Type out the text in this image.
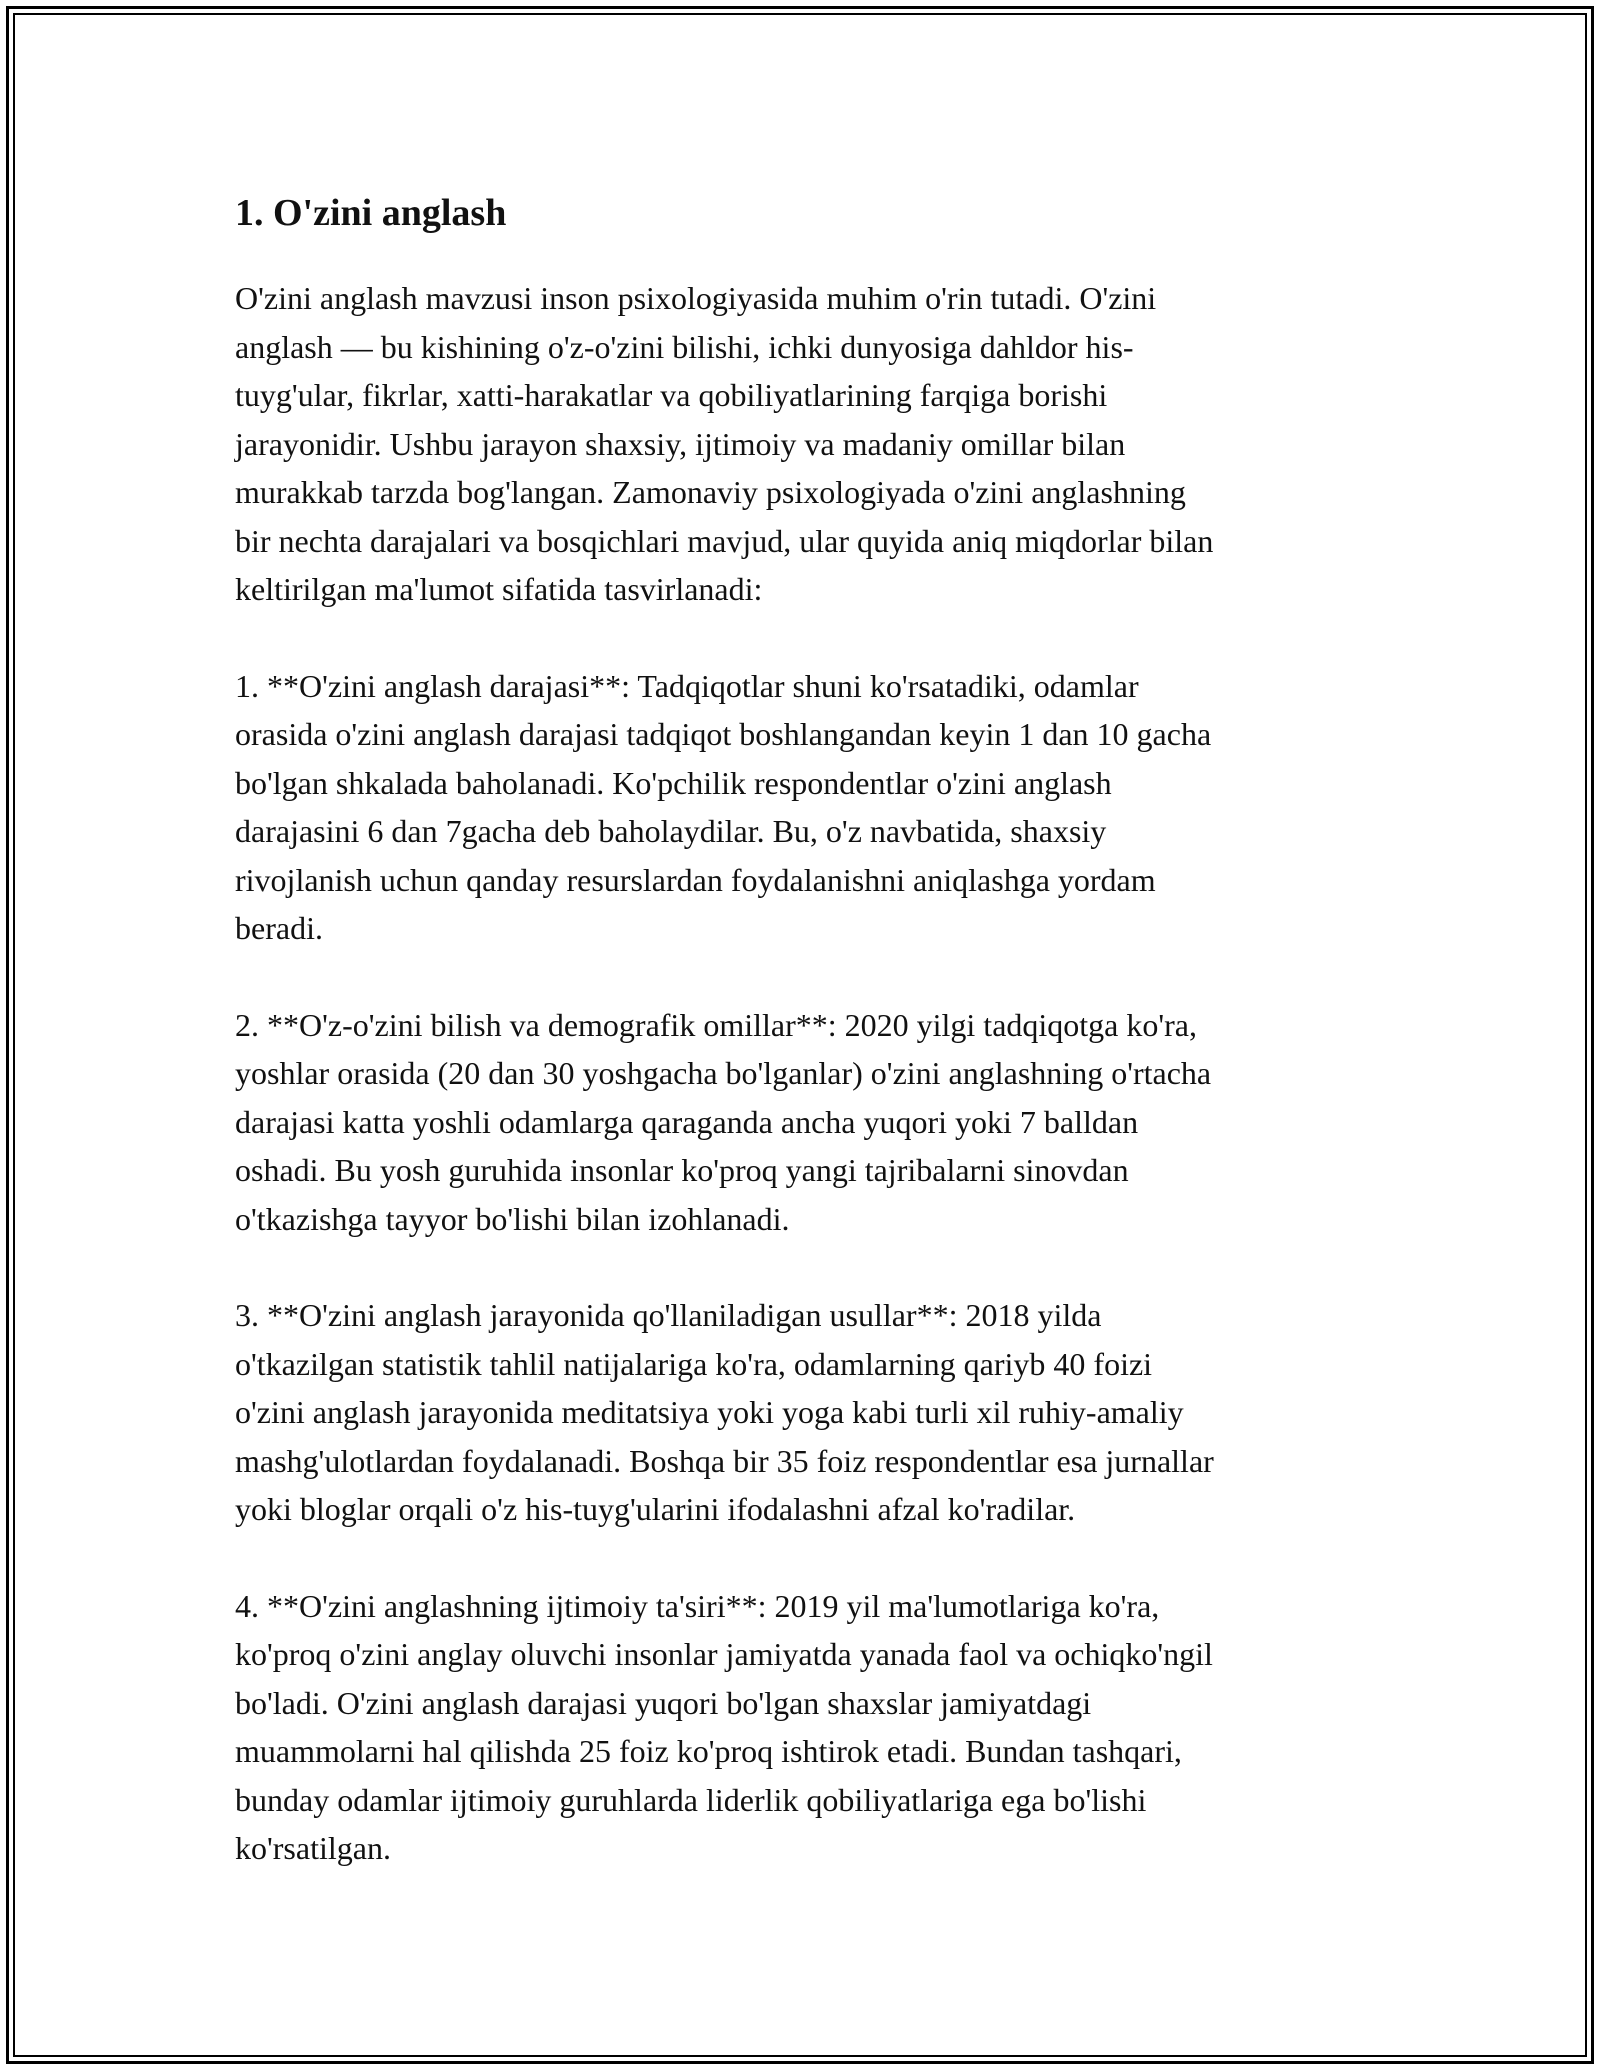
1. O'zini anglash

O'zini anglash mavzusi inson psixologiyasida muhim o'rin tutadi. O'zini
anglash — bu kishining o'z-o'zini bilishi, ichki dunyosiga dahldor his-
tuyg'ular, fikrlar, xatti-harakatlar va qobiliyatlarining farqiga borishi
jarayonidir. Ushbu jarayon shaxsiy, ijtimoiy va madaniy omillar bilan
murakkab tarzda bog'langan. Zamonaviy psixologiyada o'zini anglashning
bir nechta darajalari va bosqichlari mavjud, ular quyida aniq miqdorlar bilan
keltirilgan ma'lumot sifatida tasvirlanadi:

1. **O'zini anglash darajasi**: Tadqiqotlar shuni ko'rsatadiki, odamlar
orasida o'zini anglash darajasi tadqiqot boshlangandan keyin 1 dan 10 gacha
bo'lgan shkalada baholanadi. Ko'pchilik respondentlar o'zini anglash
darajasini 6 dan 7gacha deb baholaydilar. Bu, o'z navbatida, shaxsiy
rivojlanish uchun qanday resurslardan foydalanishni aniqlashga yordam
beradi.

2. **O'z-o'zini bilish va demografik omillar**: 2020 yilgi tadqiqotga ko'ra,
yoshlar orasida (20 dan 30 yoshgacha bo'lganlar) o'zini anglashning o'rtacha
darajasi katta yoshli odamlarga qaraganda ancha yuqori yoki 7 balldan
oshadi. Bu yosh guruhida insonlar ko'proq yangi tajribalarni sinovdan
o'tkazishga tayyor bo'lishi bilan izohlanadi.

3. **O'zini anglash jarayonida qo'llaniladigan usullar**: 2018 yilda
o'tkazilgan statistik tahlil natijalariga ko'ra, odamlarning qariyb 40 foizi
o'zini anglash jarayonida meditatsiya yoki yoga kabi turli xil ruhiy-amaliy
mashg'ulotlardan foydalanadi. Boshqa bir 35 foiz respondentlar esa jurnallar
yoki bloglar orqali o'z his-tuyg'ularini ifodalashni afzal ko'radilar.

4. **O'zini anglashning ijtimoiy ta'siri**: 2019 yil ma'lumotlariga ko'ra,
ko'proq o'zini anglay oluvchi insonlar jamiyatda yanada faol va ochiqko'ngil
bo'ladi. O'zini anglash darajasi yuqori bo'lgan shaxslar jamiyatdagi
muammolarni hal qilishda 25 foiz ko'proq ishtirok etadi. Bundan tashqari,
bunday odamlar ijtimoiy guruhlarda liderlik qobiliyatlariga ega bo'lishi
ko'rsatilgan.
